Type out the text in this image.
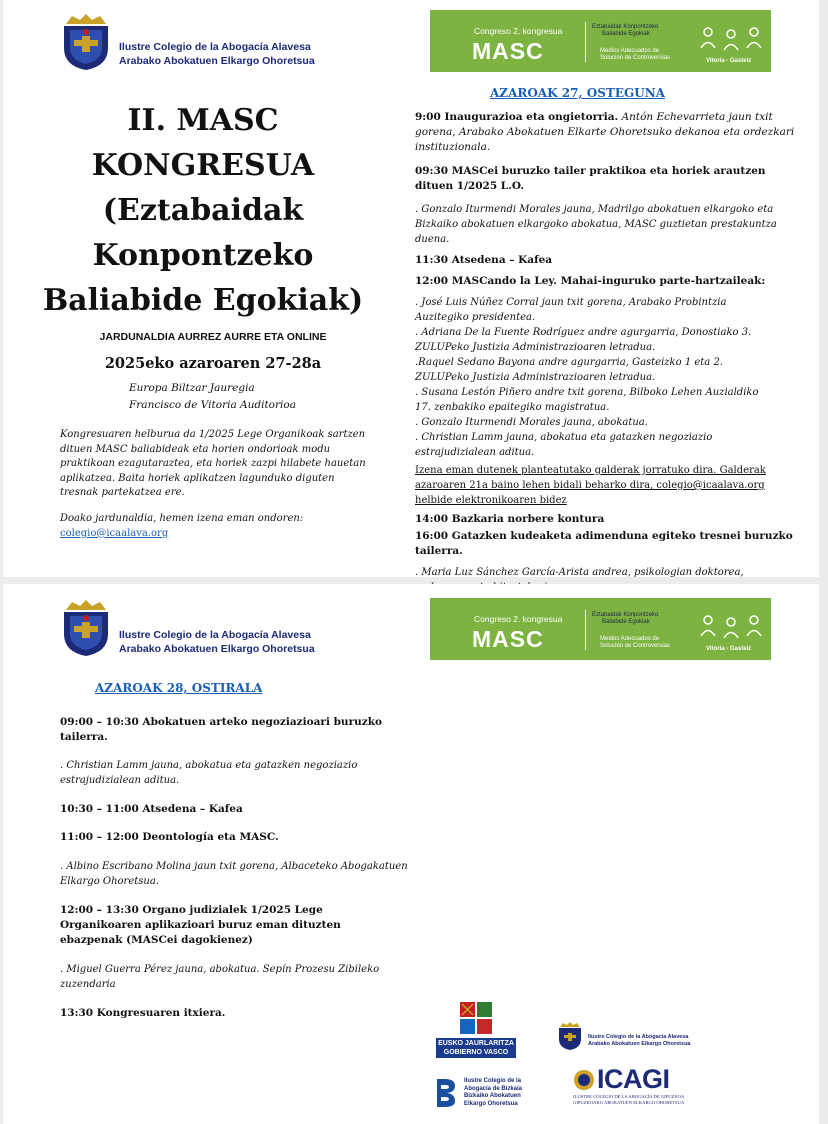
Ilustre Colegio de la Abogacía Alavesa
Arabako Abokatuen Elkargo Ohoretsua
Congreso 2. kongresua
MASC
Eztabaidak Konpontzeko
Baliabide Egokiak
Medios Adecuados de
Solución de Controversias	Vitoria - Gasteiz
II. MASC
KONGRESUA
(Eztabaidak
Konpontzeko
Baliabide Egokiak)
JARDUNALDIA AURREZ AURRE ETA ONLINE
2025eko azaroaren 27-28a
Europa Biltzar Jauregia
Francisco de Vitoria Auditorioa
Kongresuaren helburua da 1/2025 Lege Organikoak sartzen dituen MASC baliabideak eta horien ondorioak modu praktikoan ezagutaraztea, eta horiek zazpi hilabete hauetan aplikatzea. Baita horiek aplikatzen lagunduko diguten tresnak partekatzea ere.
Doako jardunaldia, hemen izena eman ondoren:
colegio@icaalava.org
AZAROAK 27, OSTEGUNA
9:00 Inaugurazioa eta ongietorria. Antón Echevarrieta jaun txit gorena, Arabako Abokatuen Elkarte Ohoretsuko dekanoa eta ordezkari instituzionala.
09:30 MASCei buruzko tailer praktikoa eta horiek arautzen dituen 1/2025 L.O.
. Gonzalo Iturmendi Morales jauna, Madrilgo abokatuen elkargoko eta Bizkaiko abokatuen elkargoko abokatua, MASC guztietan prestakuntza duena.
11:30 Atsedena – Kafea
12:00 MASCando la Ley. Mahai-inguruko parte-hartzaileak:
. José Luis Núñez Corral jaun txit gorena, Arabako Probintzia Auzitegiko presidentea.
. Adriana De la Fuente Rodríguez andre agurgarria, Donostiako 3. ZULUPeko Justizia Administrazioaren letradua.
.Raquel Sedano Bayona andre agurgarria, Gasteizko 1 eta 2. ZULUPeko Justizia Administrazioaren letradua.
. Susana Lestón Piñero andre txit gorena, Bilboko Lehen Auzialdiko 17. zenbakiko epaitegiko magistratua.
. Gonzalo Iturmendi Morales jauna, abokatua.
. Christian Lamm jauna, abokatua eta gatazken negoziazio estrajudizialean aditua.
Izena eman dutenek planteatutako galderak jorratuko dira. Galderak azaroaren 21a baino lehen bidali beharko dira, colegio@icaalava.org helbide elektronikoaren bidez
14:00 Bazkaria norbere kontura
16:00 Gatazken kudeaketa adimenduna egiteko tresnei buruzko tailerra.
. Maria Luz Sánchez García-Arista andrea, psikologian doktorea,
Ilustre Colegio de la Abogacía Alavesa
Arabako Abokatuen Elkargo Ohoretsua
Congreso 2. kongresua
MASC
Eztabaidak Konpontzeko
Baliabide Egokiak
Medios Adecuados de
Solución de Controversias	Vitoria - Gasteiz
AZAROAK 28, OSTIRALA
09:00 – 10:30 Abokatuen arteko negoziazioari buruzko tailerra.
. Christian Lamm jauna, abokatua eta gatazken negoziazio estrajudizialean aditua.
10:30 – 11:00 Atsedena – Kafea
11:00 – 12:00 Deontología eta MASC.
. Albino Escribano Molina jaun txit gorena, Albaceteko Abogakatuen Elkargo Ohoretsua.
12:00 – 13:30 Organo judizialek 1/2025 Lege Organikoaren aplikazioari buruz eman dituzten ebazpenak (MASCei dagokienez)
. Miguel Guerra Pérez jauna, abokatua. Sepín Prozesu Zibileko zuzendaria
13:30 Kongresuaren itxiera.
EUSKO JAURLARITZA
GOBIERNO VASCO
Ilustre Colegio de la Abogacía Alavesa
Arabako Abokatuen Elkargo Ohoretsua
Ilustre Colegio de la
Abogacía de Bizkaia
Bizkaiko Abokatuen
Elkargo Ohoretsua
ICAGI
ILUSTRE COLEGIO DE LA ABOGACÍA DE GIPUZKOA
GIPUZKOAKO ABOKATUEN ELKARGO OHORETSUA
